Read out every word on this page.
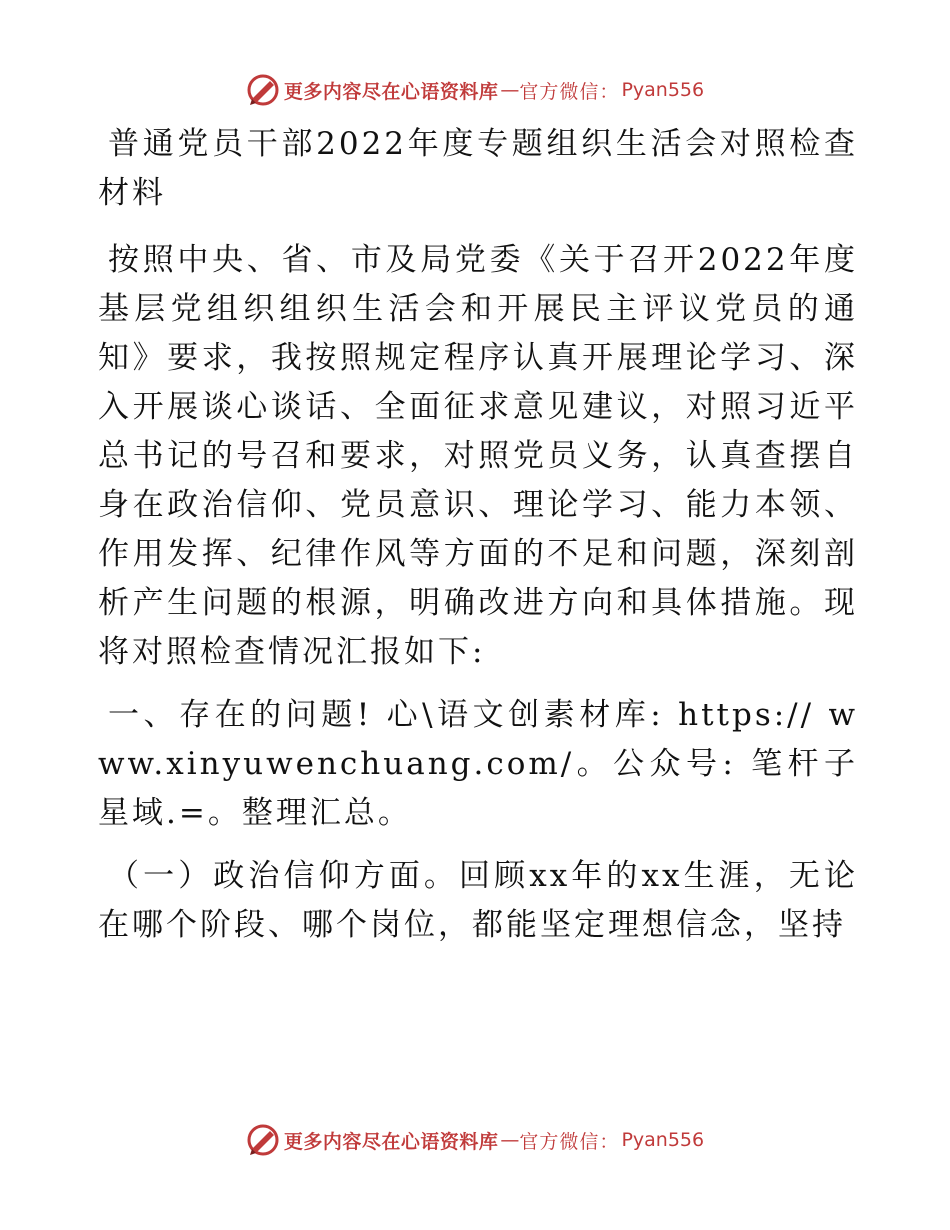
更多内容尽在心语资料库 — 官方微信： Pyan556

普通党员干部2022年度专题组织生活会对照检查材料

按照中央、省、市及局党委《关于召开2022年度基层党组织组织生活会和开展民主评议党员的通知》要求，我按照规定程序认真开展理论学习、深入开展谈心谈话、全面征求意见建议，对照习近平总书记的号召和要求，对照党员义务，认真查摆自身在政治信仰、党员意识、理论学习、能力本领、作用发挥、纪律作风等方面的不足和问题，深刻剖析产生问题的根源，明确改进方向和具体措施。现将对照检查情况汇报如下:

一、存在的问题! 心\语文创素材库: https:// www.xinyuwenchuang.com/。公众号: 笔杆子星域.=。整理汇总。

（一）政治信仰方面。回顾xx年的xx生涯，无论在哪个阶段、哪个岗位，都能坚定理想信念，坚持

更多内容尽在心语资料库 — 官方微信： Pyan556
